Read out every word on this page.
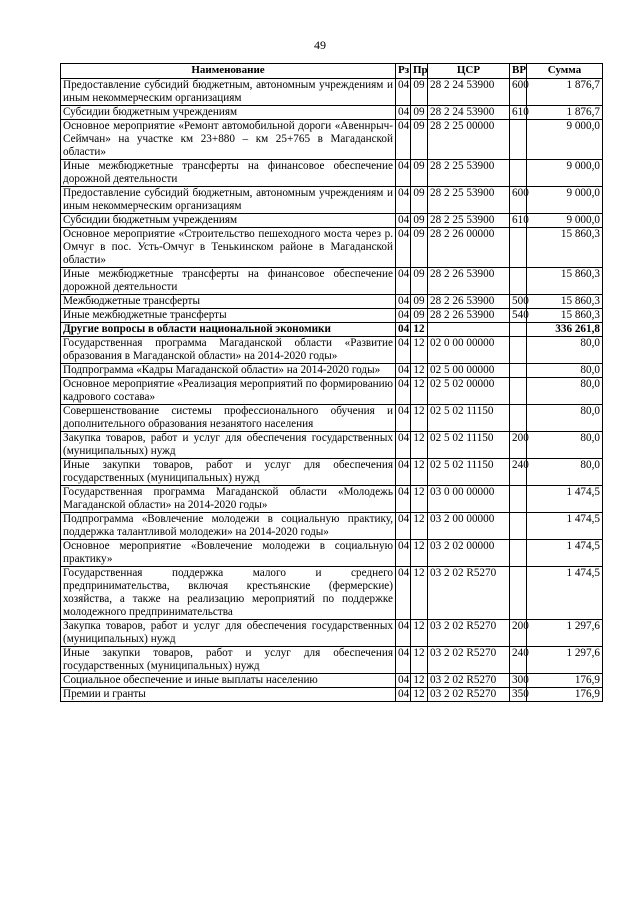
49
Наименование	Рз	Пр	ЦСР	ВР	Сумма
Предоставление субсидий бюджетным, автономным учреждениям и иным некоммерческим организациям	04	09	28 2 24 53900	600	1 876,7
Субсидии бюджетным учреждениям	04	09	28 2 24 53900	610	1 876,7
Основное мероприятие «Ремонт автомобильной дороги «Авеннрыч-Сеймчан» на участке км 23+880 – км 25+765 в Магаданской области»	04	09	28 2 25 00000		9 000,0
Иные межбюджетные трансферты на финансовое обеспечение дорожной деятельности	04	09	28 2 25 53900		9 000,0
Предоставление субсидий бюджетным, автономным учреждениям и иным некоммерческим организациям	04	09	28 2 25 53900	600	9 000,0
Субсидии бюджетным учреждениям	04	09	28 2 25 53900	610	9 000,0
Основное мероприятие «Строительство пешеходного моста через р. Омчуг в пос. Усть-Омчуг в Тенькинском районе в Магаданской области»	04	09	28 2 26 00000		15 860,3
Иные межбюджетные трансферты на финансовое обеспечение дорожной деятельности	04	09	28 2 26 53900		15 860,3
Межбюджетные трансферты	04	09	28 2 26 53900	500	15 860,3
Иные межбюджетные трансферты	04	09	28 2 26 53900	540	15 860,3
Другие вопросы в области национальной экономики	04	12			336 261,8
Государственная программа Магаданской области «Развитие образования в Магаданской области» на 2014-2020 годы»	04	12	02 0 00 00000		80,0
Подпрограмма «Кадры Магаданской области» на 2014-2020 годы»	04	12	02 5 00 00000		80,0
Основное мероприятие «Реализация мероприятий по формированию кадрового состава»	04	12	02 5 02 00000		80,0
Совершенствование системы профессионального обучения и дополнительного образования незанятого населения	04	12	02 5 02 11150		80,0
Закупка товаров, работ и услуг для обеспечения государственных (муниципальных) нужд	04	12	02 5 02 11150	200	80,0
Иные закупки товаров, работ и услуг для обеспечения государственных (муниципальных) нужд	04	12	02 5 02 11150	240	80,0
Государственная программа Магаданской области «Молодежь Магаданской области» на 2014-2020 годы»	04	12	03 0 00 00000		1 474,5
Подпрограмма «Вовлечение молодежи в социальную практику, поддержка талантливой молодежи» на 2014-2020 годы»	04	12	03 2 00 00000		1 474,5
Основное мероприятие «Вовлечение молодежи в социальную практику»	04	12	03 2 02 00000		1 474,5
Государственная поддержка малого и среднего предпринимательства, включая крестьянские (фермерские) хозяйства, а также на реализацию мероприятий по поддержке молодежного предпринимательства	04	12	03 2 02 R5270		1 474,5
Закупка товаров, работ и услуг для обеспечения государственных (муниципальных) нужд	04	12	03 2 02 R5270	200	1 297,6
Иные закупки товаров, работ и услуг для обеспечения государственных (муниципальных) нужд	04	12	03 2 02 R5270	240	1 297,6
Социальное обеспечение и иные выплаты населению	04	12	03 2 02 R5270	300	176,9
Премии и гранты	04	12	03 2 02 R5270	350	176,9
